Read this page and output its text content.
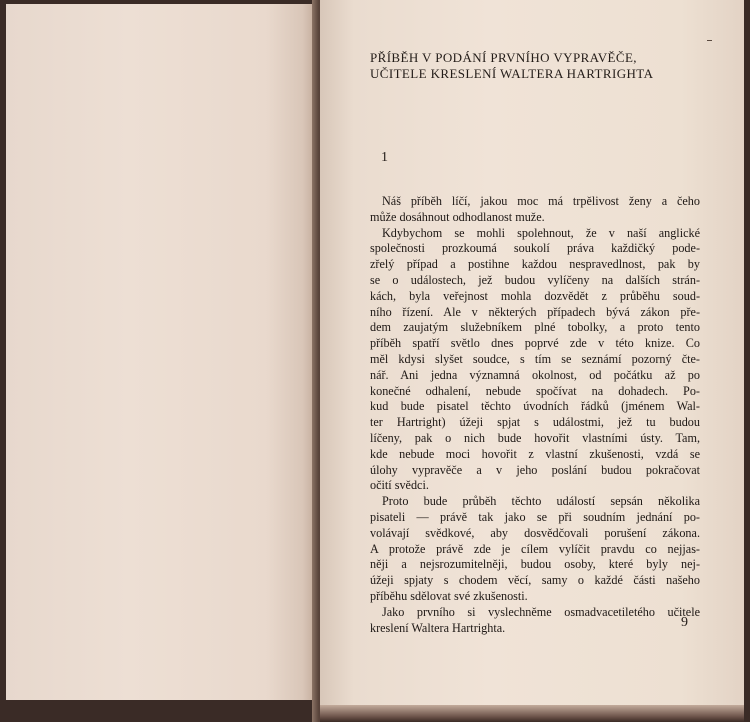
PŘÍBĚH V PODÁNÍ PRVNÍHO VYPRAVĚČE,
UČITELE KRESLENÍ WALTERA HARTRIGHTA
1
Náš příběh líčí, jakou moc má trpělivost ženy a čeho
může dosáhnout odhodlanost muže.
Kdybychom se mohli spolehnout, že v naší anglické
společnosti prozkoumá soukolí práva každičký pode-
zřelý případ a postihne každou nespravedlnost, pak by
se o událostech, jež budou vylíčeny na dalších strán-
kách, byla veřejnost mohla dozvědět z průběhu soud-
ního řízení. Ale v některých případech bývá zákon pře-
dem zaujatým služebníkem plné tobolky, a proto tento
příběh spatří světlo dnes poprvé zde v této knize. Co
měl kdysi slyšet soudce, s tím se seznámí pozorný čte-
nář. Ani jedna významná okolnost, od počátku až po
konečné odhalení, nebude spočívat na dohadech. Po-
kud bude pisatel těchto úvodních řádků (jménem Wal-
ter Hartright) úžeji spjat s událostmi, jež tu budou
líčeny, pak o nich bude hovořit vlastními ústy. Tam,
kde nebude moci hovořit z vlastní zkušenosti, vzdá se
úlohy vypravěče a v jeho poslání budou pokračovat
očití svědci.
Proto bude průběh těchto událostí sepsán několika
pisateli — právě tak jako se při soudním jednání po-
volávají svědkové, aby dosvědčovali porušení zákona.
A protože právě zde je cílem vylíčit pravdu co nejjas-
něji a nejsrozumitelněji, budou osoby, které byly nej-
úžeji spjaty s chodem věcí, samy o každé části našeho
příběhu sdělovat své zkušenosti.
Jako prvního si vyslechněme osmadvacetiletého učitele
kreslení Waltera Hartrighta.	9
